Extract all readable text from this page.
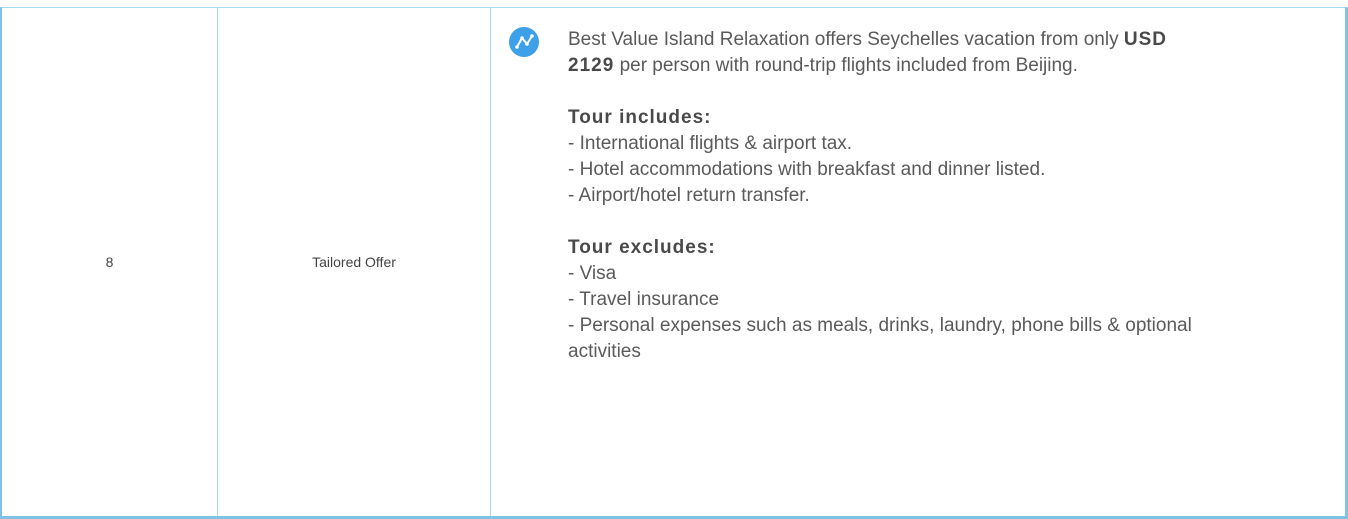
8	Tailored Offer
Best Value Island Relaxation offers Seychelles vacation from only USD 2129 per person with round-trip flights included from Beijing.
Tour includes:
- International flights & airport tax.
- Hotel accommodations with breakfast and dinner listed.
- Airport/hotel return transfer.
Tour excludes:
- Visa
- Travel insurance
- Personal expenses such as meals, drinks, laundry, phone bills & optional activities
